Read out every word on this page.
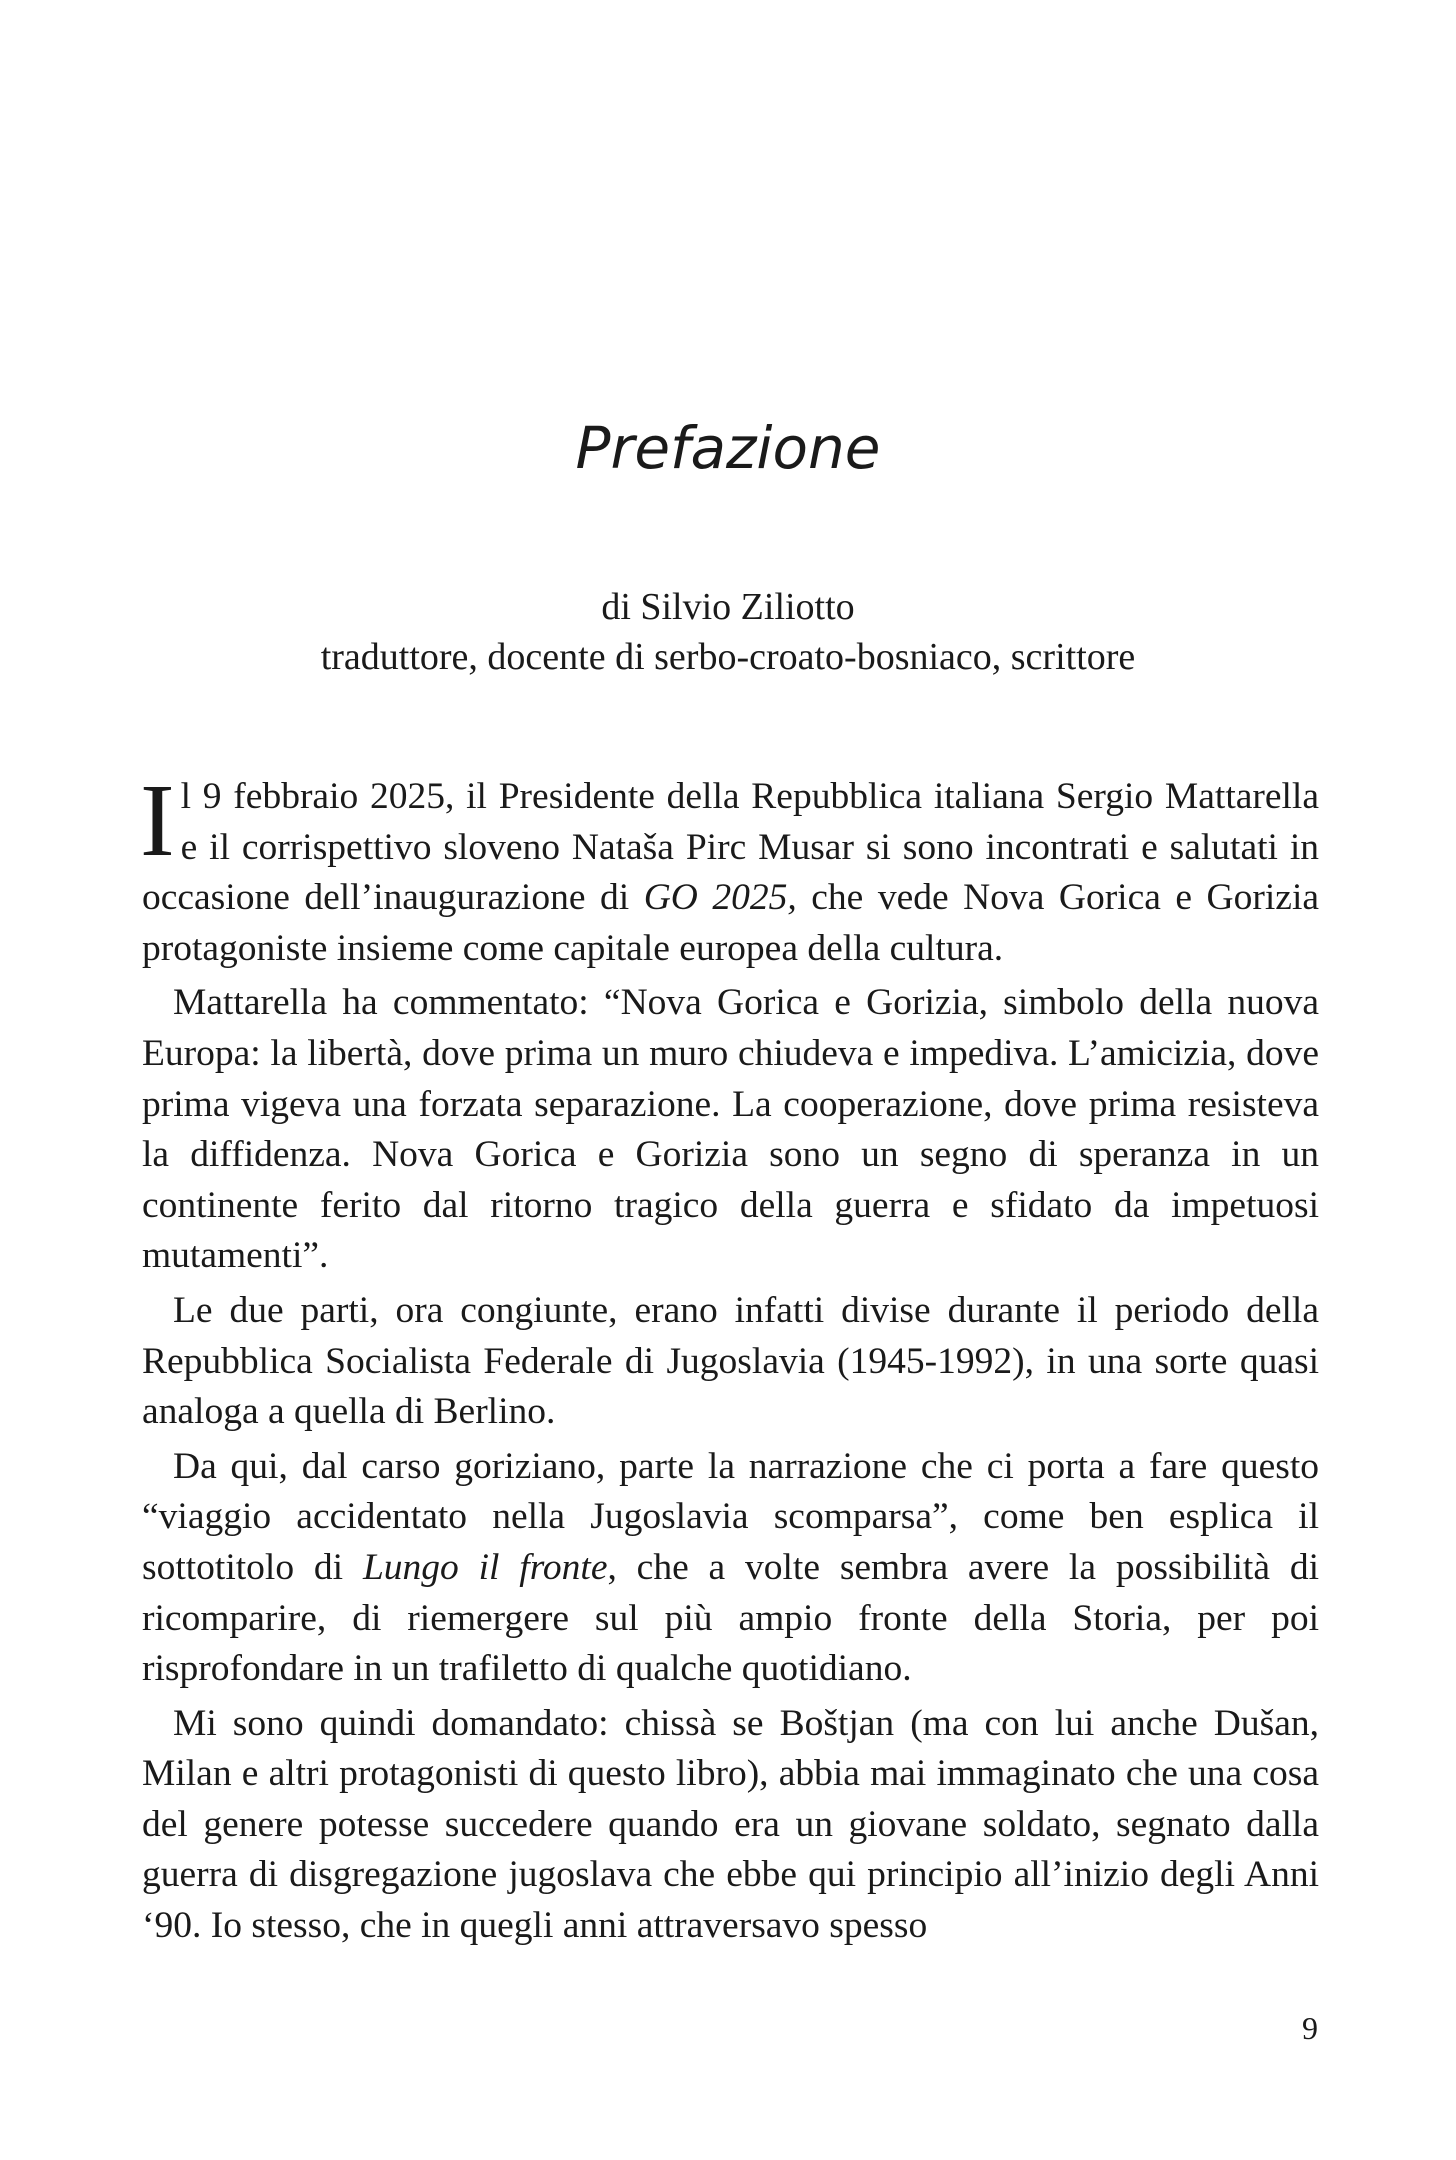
Prefazione
di Silvio Ziliotto
traduttore, docente di serbo-croato-bosniaco, scrittore

Il 9 febbraio 2025, il Presidente della Repubblica italiana Sergio Mattarella e il corrispettivo sloveno Nataša Pirc Musar si sono incontrati e salutati in occasione dell’inaugurazione di GO 2025, che vede Nova Gorica e Gorizia protagoniste insieme come capitale europea della cultura.

Mattarella ha commentato: “Nova Gorica e Gorizia, simbolo della nuova Europa: la libertà, dove prima un muro chiudeva e impediva. L’amicizia, dove prima vigeva una forzata separazione. La cooperazione, dove prima resisteva la diffidenza. Nova Gorica e Gorizia sono un segno di speranza in un continente ferito dal ritorno tragico della guerra e sfidato da impetuosi mutamenti”.

Le due parti, ora congiunte, erano infatti divise durante il periodo della Repubblica Socialista Federale di Jugoslavia (1945-1992), in una sorte quasi analoga a quella di Berlino.

Da qui, dal carso goriziano, parte la narrazione che ci porta a fare questo “viaggio accidentato nella Jugoslavia scomparsa”, come ben esplica il sottotitolo di Lungo il fronte, che a volte sembra avere la possibilità di ricomparire, di riemergere sul più ampio fronte della Storia, per poi risprofondare in un trafiletto di qualche quotidiano.

Mi sono quindi domandato: chissà se Boštjan (ma con lui anche Dušan, Milan e altri protagonisti di questo libro), abbia mai immaginato che una cosa del genere potesse succedere quando era un giovane soldato, segnato dalla guerra di disgregazione jugoslava che ebbe qui principio all’inizio degli Anni ‘90. Io stesso, che in quegli anni attraversavo spesso

9
